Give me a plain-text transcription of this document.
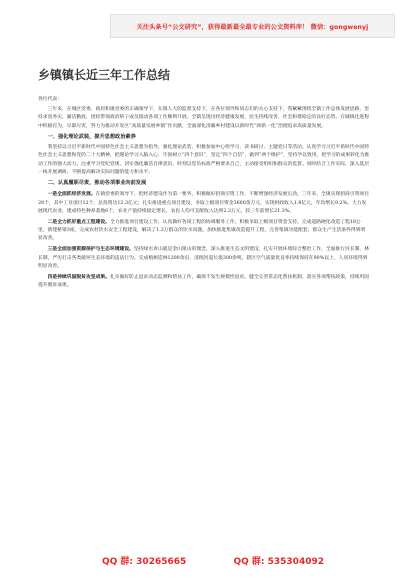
关注头条号“公文研究”，获得最新最全最专业的公文资料库！ 微信：gongwenyj
乡镇镇长近三年工作总结

各位代表：

三年来，在城区党委、政府和镇党委的正确领导下，在镇人大的监督支持下，在各位领导和同志们的关心支持下，我紧紧围绕全镇工作总体发展思路，坚持求真务实，廉洁勤政，团结带领政府班子成员推动各项工作顺利开展。全镇呈现出经济健康发展、民生持续改善、社会和谐稳定的良好态势，在城镇化进程中积极有为，尽职尽责，努力为推动开发区“高质量发展乡镇”作贡献，全面深化清廉乡村建设以新时代“两新一化”治理追求高质量发展。

一、强化理论武装，提升思想政治素养

我坚持以习近平新时代中国特色社会主义思想为指导，强化理论武装，积极参加中心组学习、读书研讨、主题党日等活动。认真学习习近平新时代中国特色社会主义思想和党的二十大精神，把理论学习入脑入心，牢固树立“四个意识”，坚定“四个自信”，做到“两个维护”，坚持学以致用，把学习的成果转化为推动工作的强大动力。注重学习党纪党规，切实强化廉洁自律意识，时刻以党员标准严格要求自己，主动接受组织和群众的监督。同时结合工作实际，深入基层一线开展调研，不断提高解决实际问题的能力和水平。

二、认真履职尽责，推动各项事业向前发展

一是全面抓经济发展。在镇党委的领导下，把经济建设作为第一要务，积极做好招商引资工作，不断增强经济发展后劲。三年来，全镇实现招商引资项目28个，其中工业项目12个，总投资达12.3亿元；扎实推进重点项目建设，争取上级项目资金3600余万元，实现财政收入1.8亿元，年均增长9.2%。大力发展现代农业，建成特色种养基地6个，农业产值持续稳定增长，农民人均可支配收入达到2.3万元，较三年前增长21.3%。

二是全力抓好重点工程建设。全力推进项目建设工作，认真做好各项工程的协调服务工作，积极争取上级项目资金支持。完成道路硬化改造工程18公里，新建桥梁3座，完成农村饮水安全工程建设，解决了1.2万群众的饮水问题。加快推进集镇改造提升工程，完善集镇功能配套，群众生产生活条件得到明显改善。

三是全面加强资源保护与生态环境建设。坚持绿水青山就是金山银山的理念，深入推进生态文明建设，扎实开展环境综合整治工作，全面推行河长制、林长制，严厉打击各类破坏生态环境的违法行为。完成植树造林1200余亩，清理河道垃圾300余吨，辖区空气质量优良率持续保持在90%以上，人居环境得到明显改善。

四是持续巩固脱贫攻坚成果。扎实做好防止返贫动态监测和帮扶工作，确保不发生规模性返贫。健全完善常态化帮扶机制，落实各项帮扶政策，持续巩固提升脱贫成果。

QQ 群: 30265665	QQ 群: 535304092
